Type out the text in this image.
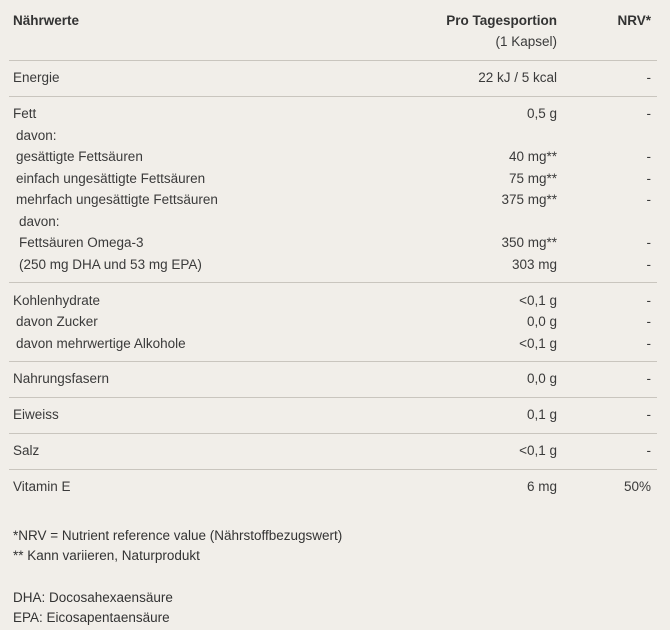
Nährwerte	Pro Tagesportion	NRV*
(1 Kapsel)
Energie	22 kJ / 5 kcal	-
Fett	0,5 g	-
davon:
gesättigte Fettsäuren	40 mg**	-
einfach ungesättigte Fettsäuren	75 mg**	-
mehrfach ungesättigte Fettsäuren	375 mg**	-
davon:
Fettsäuren Omega-3	350 mg**	-
(250 mg DHA und 53 mg EPA)	303 mg	-
Kohlenhydrate	<0,1 g	-
davon Zucker	0,0 g	-
davon mehrwertige Alkohole	<0,1 g	-
Nahrungsfasern	0,0 g	-
Eiweiss	0,1 g	-
Salz	<0,1 g	-
Vitamin E	6 mg	50%
*NRV = Nutrient reference value (Nährstoffbezugswert)
** Kann variieren, Naturprodukt
DHA: Docosahexaensäure
EPA: Eicosapentaensäure
